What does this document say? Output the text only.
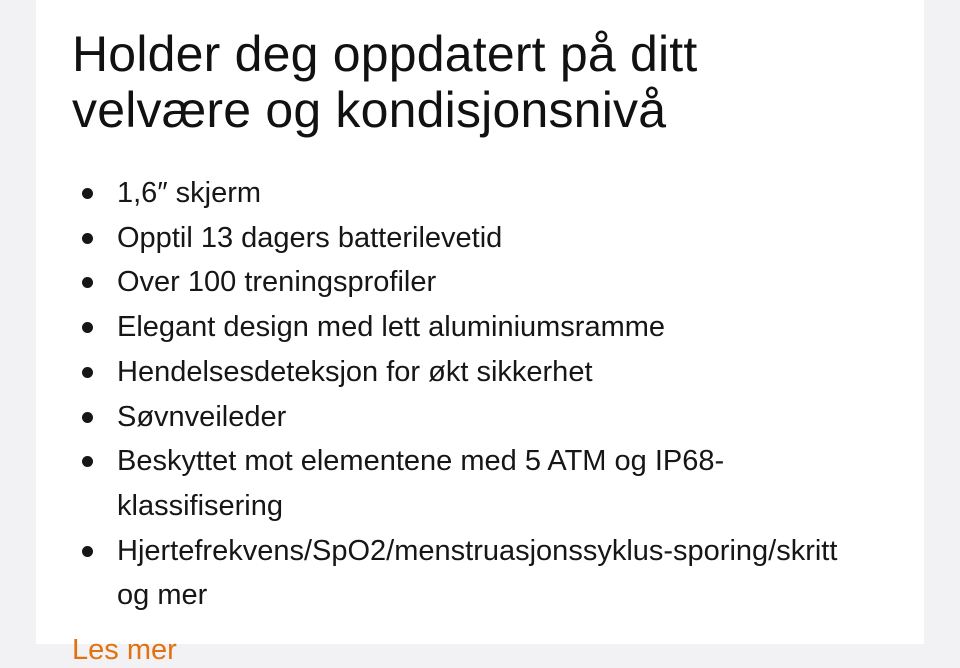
Holder deg oppdatert på ditt velvære og kondisjonsnivå
1,6″ skjerm
Opptil 13 dagers batterilevetid
Over 100 treningsprofiler
Elegant design med lett aluminiumsramme
Hendelsesdeteksjon for økt sikkerhet
Søvnveileder
Beskyttet mot elementene med 5 ATM og IP68-klassifisering
Hjertefrekvens/SpO2/menstruasjonssyklus-sporing/skritt og mer
Les mer
